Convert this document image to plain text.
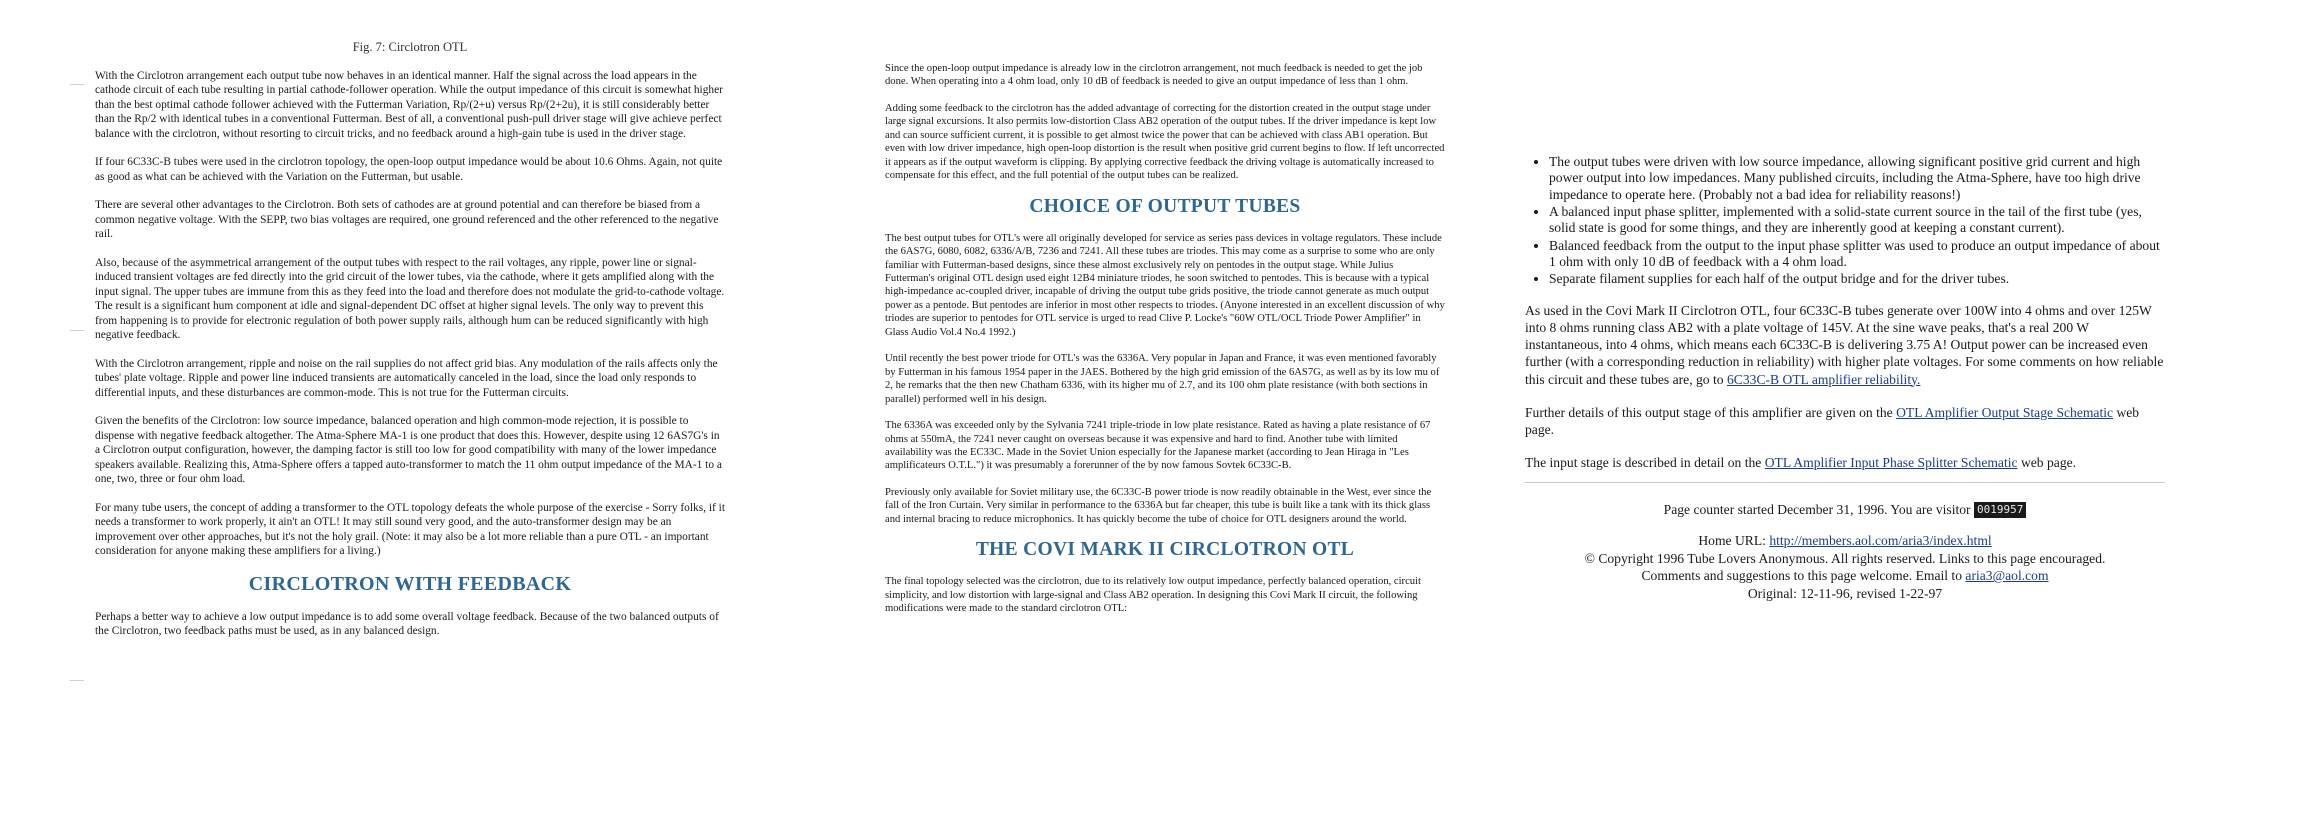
Fig. 7: Circlotron OTL

With the Circlotron arrangement each output tube now behaves in an identical manner. Half the signal across the load appears in the cathode circuit of each tube resulting in partial cathode-follower operation. While the output impedance of this circuit is somewhat higher than the best optimal cathode follower achieved with the Futterman Variation, Rp/(2+u) versus Rp/(2+2u), it is still considerably better than the Rp/2 with identical tubes in a conventional Futterman. Best of all, a conventional push-pull driver stage will give achieve perfect balance with the circlotron, without resorting to circuit tricks, and no feedback around a high-gain tube is used in the driver stage.

If four 6C33C-B tubes were used in the circlotron topology, the open-loop output impedance would be about 10.6 Ohms. Again, not quite as good as what can be achieved with the Variation on the Futterman, but usable.

There are several other advantages to the Circlotron. Both sets of cathodes are at ground potential and can therefore be biased from a common negative voltage. With the SEPP, two bias voltages are required, one ground referenced and the other referenced to the negative rail.

Also, because of the asymmetrical arrangement of the output tubes with respect to the rail voltages, any ripple, power line or signal-induced transient voltages are fed directly into the grid circuit of the lower tubes, via the cathode, where it gets amplified along with the input signal. The upper tubes are immune from this as they feed into the load and therefore does not modulate the grid-to-cathode voltage. The result is a significant hum component at idle and signal-dependent DC offset at higher signal levels. The only way to prevent this from happening is to provide for electronic regulation of both power supply rails, although hum can be reduced significantly with high negative feedback.

With the Circlotron arrangement, ripple and noise on the rail supplies do not affect grid bias. Any modulation of the rails affects only the tubes' plate voltage. Ripple and power line induced transients are automatically canceled in the load, since the load only responds to differential inputs, and these disturbances are common-mode. This is not true for the Futterman circuits.

Given the benefits of the Circlotron: low source impedance, balanced operation and high common-mode rejection, it is possible to dispense with negative feedback altogether. The Atma-Sphere MA-1 is one product that does this. However, despite using 12 6AS7G's in a Circlotron output configuration, however, the damping factor is still too low for good compatibility with many of the lower impedance speakers available. Realizing this, Atma-Sphere offers a tapped auto-transformer to match the 11 ohm output impedance of the MA-1 to a one, two, three or four ohm load.

For many tube users, the concept of adding a transformer to the OTL topology defeats the whole purpose of the exercise - Sorry folks, if it needs a transformer to work properly, it ain't an OTL! It may still sound very good, and the auto-transformer design may be an improvement over other approaches, but it's not the holy grail. (Note: it may also be a lot more reliable than a pure OTL - an important consideration for anyone making these amplifiers for a living.)

CIRCLOTRON WITH FEEDBACK

Perhaps a better way to achieve a low output impedance is to add some overall voltage feedback. Because of the two balanced outputs of the Circlotron, two feedback paths must be used, as in any balanced design.

Since the open-loop output impedance is already low in the circlotron arrangement, not much feedback is needed to get the job done. When operating into a 4 ohm load, only 10 dB of feedback is needed to give an output impedance of less than 1 ohm.

Adding some feedback to the circlotron has the added advantage of correcting for the distortion created in the output stage under large signal excursions. It also permits low-distortion Class AB2 operation of the output tubes. If the driver impedance is kept low and can source sufficient current, it is possible to get almost twice the power that can be achieved with class AB1 operation. But even with low driver impedance, high open-loop distortion is the result when positive grid current begins to flow. If left uncorrected it appears as if the output waveform is clipping. By applying corrective feedback the driving voltage is automatically increased to compensate for this effect, and the full potential of the output tubes can be realized.

CHOICE OF OUTPUT TUBES

The best output tubes for OTL's were all originally developed for service as series pass devices in voltage regulators. These include the 6AS7G, 6080, 6082, 6336/A/B, 7236 and 7241. All these tubes are triodes. This may come as a surprise to some who are only familiar with Futterman-based designs, since these almost exclusively rely on pentodes in the output stage. While Julius Futterman's original OTL design used eight 12B4 miniature triodes, he soon switched to pentodes. This is because with a typical high-impedance ac-coupled driver, incapable of driving the output tube grids positive, the triode cannot generate as much output power as a pentode. But pentodes are inferior in most other respects to triodes. (Anyone interested in an excellent discussion of why triodes are superior to pentodes for OTL service is urged to read Clive P. Locke's "60W OTL/OCL Triode Power Amplifier" in Glass Audio Vol.4 No.4 1992.)

Until recently the best power triode for OTL's was the 6336A. Very popular in Japan and France, it was even mentioned favorably by Futterman in his famous 1954 paper in the JAES. Bothered by the high grid emission of the 6AS7G, as well as by its low mu of 2, he remarks that the then new Chatham 6336, with its higher mu of 2.7, and its 100 ohm plate resistance (with both sections in parallel) performed well in his design.

The 6336A was exceeded only by the Sylvania 7241 triple-triode in low plate resistance. Rated as having a plate resistance of 67 ohms at 550mA, the 7241 never caught on overseas because it was expensive and hard to find. Another tube with limited availability was the EC33C. Made in the Soviet Union especially for the Japanese market (according to Jean Hiraga in "Les amplificateurs O.T.L.") it was presumably a forerunner of the by now famous Sovtek 6C33C-B.

Previously only available for Soviet military use, the 6C33C-B power triode is now readily obtainable in the West, ever since the fall of the Iron Curtain. Very similar in performance to the 6336A but far cheaper, this tube is built like a tank with its thick glass and internal bracing to reduce microphonics. It has quickly become the tube of choice for OTL designers around the world.

THE COVI MARK II CIRCLOTRON OTL

The final topology selected was the circlotron, due to its relatively low output impedance, perfectly balanced operation, circuit simplicity, and low distortion with large-signal and Class AB2 operation. In designing this Covi Mark II circuit, the following modifications were made to the standard circlotron OTL:

• The output tubes were driven with low source impedance, allowing significant positive grid current and high power output into low impedances. Many published circuits, including the Atma-Sphere, have too high drive impedance to operate here. (Probably not a bad idea for reliability reasons!)
• A balanced input phase splitter, implemented with a solid-state current source in the tail of the first tube (yes, solid state is good for some things, and they are inherently good at keeping a constant current).
• Balanced feedback from the output to the input phase splitter was used to produce an output impedance of about 1 ohm with only 10 dB of feedback with a 4 ohm load.
• Separate filament supplies for each half of the output bridge and for the driver tubes.

As used in the Covi Mark II Circlotron OTL, four 6C33C-B tubes generate over 100W into 4 ohms and over 125W into 8 ohms running class AB2 with a plate voltage of 145V. At the sine wave peaks, that's a real 200 W instantaneous, into 4 ohms, which means each 6C33C-B is delivering 3.75 A! Output power can be increased even further (with a corresponding reduction in reliability) with higher plate voltages. For some comments on how reliable this circuit and these tubes are, go to 6C33C-B OTL amplifier reliability.

Further details of this output stage of this amplifier are given on the OTL Amplifier Output Stage Schematic web page.

The input stage is described in detail on the OTL Amplifier Input Phase Splitter Schematic web page.

Page counter started December 31, 1996. You are visitor 0019957
Home URL: http://members.aol.com/aria3/index.html
© Copyright 1996 Tube Lovers Anonymous. All rights reserved. Links to this page encouraged.
Comments and suggestions to this page welcome. Email to aria3@aol.com
Original: 12-11-96, revised 1-22-97
